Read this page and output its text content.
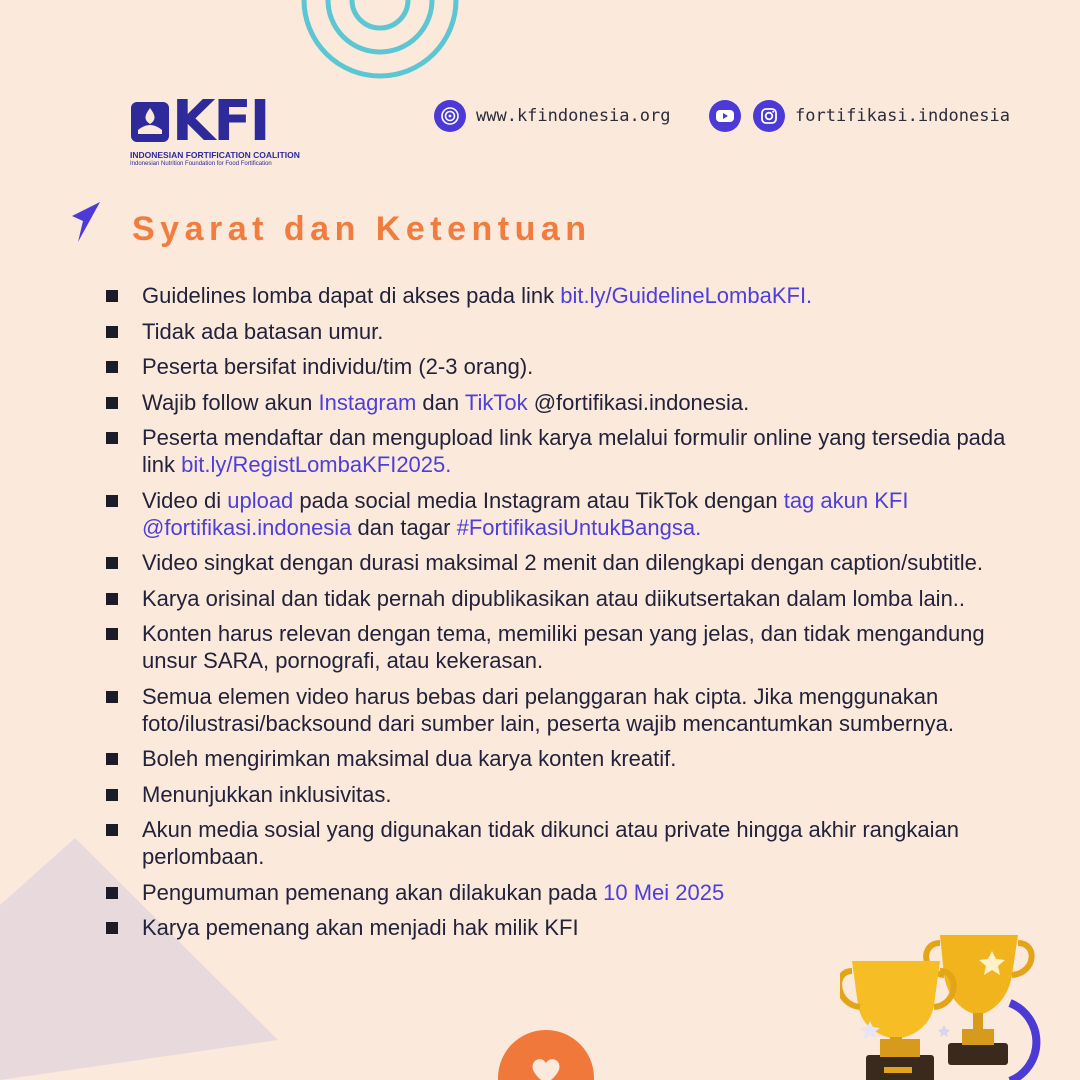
KFI
INDONESIAN FORTIFICATION COALITION
Indonesian Nutrition Foundation for Food Fortification
www.kfindonesia.org	fortifikasi.indonesia
Syarat dan Ketentuan
Guidelines lomba dapat di akses pada link bit.ly/GuidelineLombaKFI.
Tidak ada batasan umur.
Peserta bersifat individu/tim (2-3 orang).
Wajib follow akun Instagram dan TikTok @fortifikasi.indonesia.
Peserta mendaftar dan mengupload link karya melalui formulir online yang tersedia pada link bit.ly/RegistLombaKFI2025.
Video di upload pada social media Instagram atau TikTok dengan tag akun KFI @fortifikasi.indonesia dan tagar #FortifikasiUntukBangsa.
Video singkat dengan durasi maksimal 2 menit dan dilengkapi dengan caption/subtitle.
Karya orisinal dan tidak pernah dipublikasikan atau diikutsertakan dalam lomba lain..
Konten harus relevan dengan tema, memiliki pesan yang jelas, dan tidak mengandung unsur SARA, pornografi, atau kekerasan.
Semua elemen video harus bebas dari pelanggaran hak cipta. Jika menggunakan foto/ilustrasi/backsound dari sumber lain, peserta wajib mencantumkan sumbernya.
Boleh mengirimkan maksimal dua karya konten kreatif.
Menunjukkan inklusivitas.
Akun media sosial yang digunakan tidak dikunci atau private hingga akhir rangkaian perlombaan.
Pengumuman pemenang akan dilakukan pada 10 Mei 2025
Karya pemenang akan menjadi hak milik KFI
